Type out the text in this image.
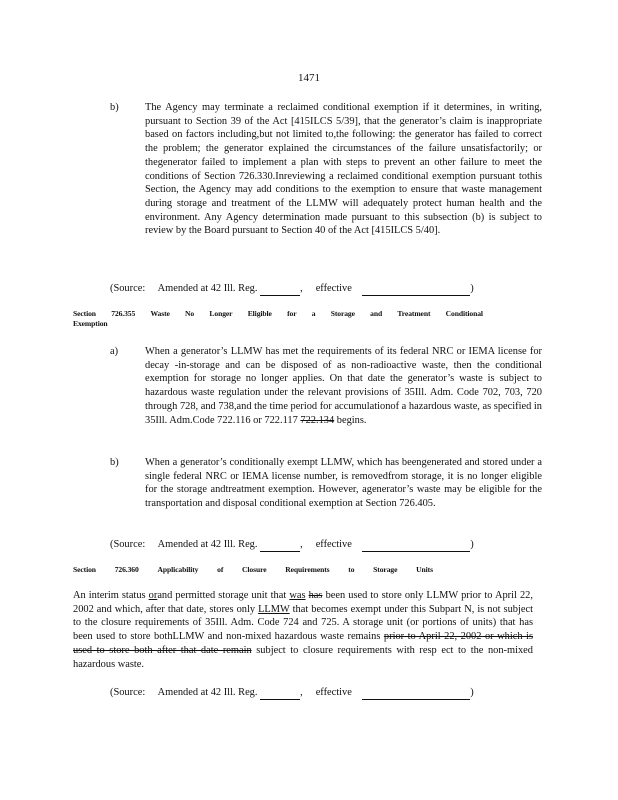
1471
b)	The Agency may terminate a reclaimed conditional exemption if it determines, in writing, pursuant to Section 39 of the Act [415ILCS 5/39], that the generator’s claim is inappropriate based on factors including,but not limited to,the following: the generator has failed to correct the problem; the generator explained the circumstances of the failure unsatisfactorily; or thegenerator failed to implement a plan with steps to prevent an other failure to meet the conditions of Section 726.330.Inreviewing a reclaimed conditional exemption pursuant tothis Section, the Agency may add conditions to the exemption to ensure that waste management during storage and treatment of the LLMW will adequately protect human health and the environment. Any Agency determination made pursuant to this subsection (b) is subject to review by the Board pursuant to Section 40 of the Act [415ILCS 5/40].
(Source: Amended at 42 Ill. Reg.	, effective	)
Section 726.355 Waste No Longer Eligible for a Storage and Treatment Conditional
Exemption
a)	When a generator’s LLMW has met the requirements of its federal NRC or IEMA license for decay -in-storage and can be disposed of as non-radioactive waste, then the conditional exemption for storage no longer applies. On that date the generator’s waste is subject to hazardous waste regulation under the relevant provisions of 35Ill. Adm. Code 702, 703, 720 through 728, and 738,and the time period for accumulationof a hazardous waste, as specified in 35Ill. Adm.Code 722.116 or 722.117 722.134 begins.
b)	When a generator’s conditionally exempt LLMW, which has beengenerated and stored under a single federal NRC or IEMA license number, is removedfrom storage, it is no longer eligible for the storage andtreatment exemption. However, agenerator’s waste may be eligible for the transportation and disposal conditional exemption at Section 726.405.
(Source: Amended at 42 Ill. Reg.	, effective	)
Section 726.360 Applicability of Closure Requirements to Storage Units
An interim status orand permitted storage unit that was has been used to store only LLMW prior to April 22, 2002 and which, after that date, stores only LLMW that becomes exempt under this Subpart N, is not subject to the closure requirements of 35Ill. Adm. Code 724 and 725. A storage unit (or portions of units) that has been used to store bothLLMW and non-mixed hazardous waste remains prior to April 22, 2002 or which is used to store both after that date remain subject to closure requirements with resp ect to the non-mixed hazardous waste.
(Source: Amended at 42 Ill. Reg.	, effective	)
